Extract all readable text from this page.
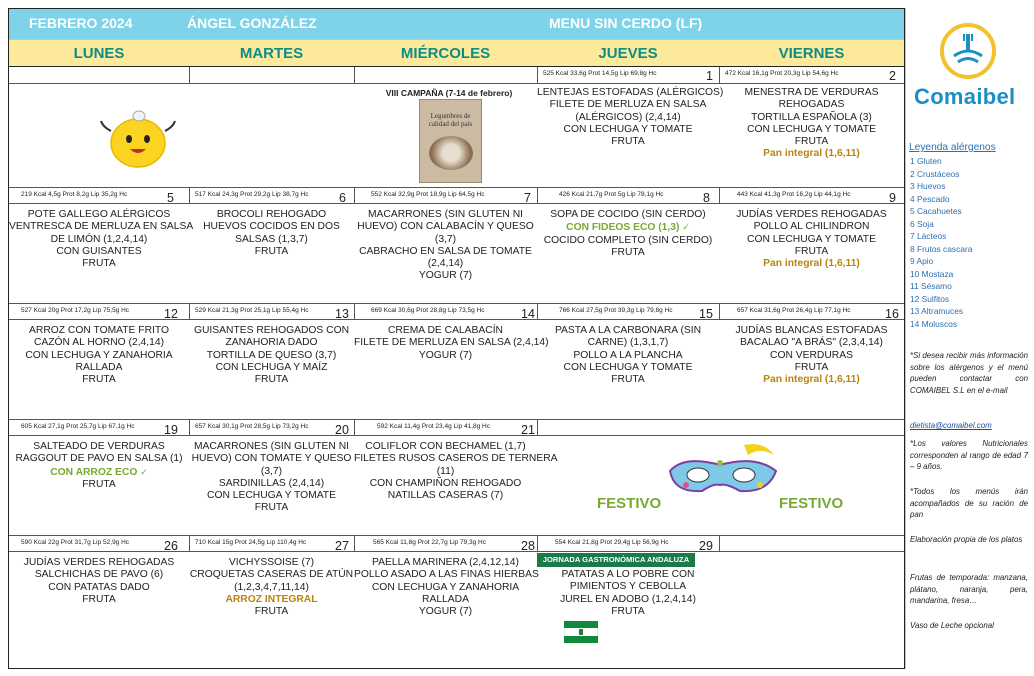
FEBRERO 2024	ÁNGEL GONZÁLEZ	MENU SIN CERDO (LF)
LUNES	MARTES	MIÉRCOLES	JUEVES	VIERNES
VIII CAMPAÑA (7-14 de febrero)
Legumbres de calidad del país
525 Kcal 33,6g Prot 14,5g Lip 69,8g Hc	1
LENTEJAS ESTOFADAS (ALÉRGICOS)
FILETE DE MERLUZA EN SALSA
(ALÉRGICOS) (2,4,14)
CON LECHUGA Y TOMATE
FRUTA
472 Kcal 16,1g Prot 20,3g Lip 54,6g Hc	2
MENESTRA DE VERDURAS
REHOGADAS
TORTILLA ESPAÑOLA (3)
CON LECHUGA Y TOMATE
FRUTA
Pan integral (1,6,11)
219 Kcal 4,5g Prot 8,2g Lip 35,2g Hc	5
POTE GALLEGO ALÉRGICOS
VENTRESCA DE MERLUZA EN SALSA
DE LIMÓN (1,2,4,14)
CON GUISANTES
FRUTA
517 Kcal 24,3g Prot 29,2g Lip 38,7g Hc 6
BROCOLI REHOGADO
HUEVOS COCIDOS EN DOS
SALSAS (1,3,7)
FRUTA
552 Kcal 32,9g Prot 18,9g Lip 64,5g Hc	7
MACARRONES (SIN GLUTEN NI
HUEVO) CON CALABACÍN Y QUESO
(3,7)
CABRACHO EN SALSA DE TOMATE
(2,4,14)
YOGUR (7)
426 Kcal 21,7g Prot 5g Lip 78,1g Hc	8
SOPA DE COCIDO (SIN CERDO)
CON FIDEOS ECO (1,3) ✓
COCIDO COMPLETO (SIN CERDO)
FRUTA
443 Kcal 41,3g Prot 16,2g Lip 44,1g Hc	9
JUDÍAS VERDES REHOGADAS
POLLO AL CHILINDRON
CON LECHUGA Y TOMATE
FRUTA
Pan integral (1,6,11)
527 Kcal 20g Prot 17,2g Lip 75,5g Hc	12
ARROZ CON TOMATE FRITO
CAZÓN AL HORNO (2,4,14)
CON LECHUGA Y ZANAHORIA
RALLADA
FRUTA
529 Kcal 21,3g Prot 25,1g Lip 55,4g Hc 13
GUISANTES REHOGADOS CON
ZANAHORIA DADO
TORTILLA DE QUESO (3,7)
CON LECHUGA Y MAÍZ
FRUTA
669 Kcal 30,6g Prot 28,8g Lip 73,5g Hc	14
CREMA DE CALABACÍN
FILETE DE MERLUZA EN SALSA (2,4,14)
YOGUR (7)
766 Kcal 27,5g Prot 39,3g Lip 79,8g Hc 15
PASTA A LA CARBONARA (SIN
CARNE) (1,3,1,7)
POLLO A LA PLANCHA
CON LECHUGA Y TOMATE
FRUTA
657 Kcal 31,6g Prot 26,4g Lip 77,1g Hc	16
JUDÍAS BLANCAS ESTOFADAS
BACALAO "A BRÁS" (2,3,4,14)
CON VERDURAS
FRUTA
Pan integral (1,6,11)
605 Kcal 27,1g Prot 25,7g Lip 67,1g Hc 19
SALTEADO DE VERDURAS
RAGGOUT DE PAVO EN SALSA (1)
CON ARROZ ECO ✓
FRUTA
657 Kcal 30,1g Prot 28,5g Lip 73,2g Hc 20
MACARRONES (SIN GLUTEN NI
HUEVO) CON TOMATE Y QUESO
(3,7)
SARDINILLAS (2,4,14)
CON LECHUGA Y TOMATE
FRUTA
592 Kcal 11,4g Prot 23,4g Lip 41,8g Hc 21
COLIFLOR CON BECHAMEL (1,7)
FILETES RUSOS CASEROS DE TERNERA
(11)
CON CHAMPIÑON REHOGADO
NATILLAS CASERAS (7)	FESTIVO	FESTIVO
590 Kcal 22g Prot 31,7g Lip 52,9g Hc	26
JUDÍAS VERDES REHOGADAS
SALCHICHAS DE PAVO (6)
CON PATATAS DADO
FRUTA
710 Kcal 15g Prot 24,5g Lip 110,4g Hc 27
VICHYSSOISE (7)
CROQUETAS CASERAS DE ATÚN
(1,2,3,4,7,11,14)
ARROZ INTEGRAL
FRUTA
565 Kcal 11,8g Prot 22,7g Lip 79,3g Hc	28
PAELLA MARINERA (2,4,12,14)
POLLO ASADO A LAS FINAS HIERBAS
CON LECHUGA Y ZANAHORIA
RALLADA
YOGUR (7)
554 Kcal 21,8g Prot 29,4g Lip 56,9g Hc 29
JORNADA GASTRONÓMICA ANDALUZA
PATATAS A LO POBRE CON
PIMIENTOS Y CEBOLLA
JUREL EN ADOBO (1,2,4,14)
FRUTA
Comaibel
Leyenda alérgenos
1 Gluten
2 Crustáceos
3 Huevos
4 Pescado
5 Cacahuetes
6 Soja
7 Lácteos
8 Frutos cascara
9 Apio
10 Mostaza
11 Sésamo
12 Sulfitos
13 Altramuces
14 Moluscos
*Si desea recibir más información sobre los alérgenos y el menú pueden contactar con COMAIBEL S.L en el e-mail
dietista@comaibel.com
*Los valores Nutricionales corresponden al rango de edad 7 – 9 años.
*Todos los menús irán acompañados de su ración de pan
Elaboración propia de los platos
Frutas de temporada: manzana, plátano, naranja, pera, mandarina, fresa…
Vaso de Leche opcional
